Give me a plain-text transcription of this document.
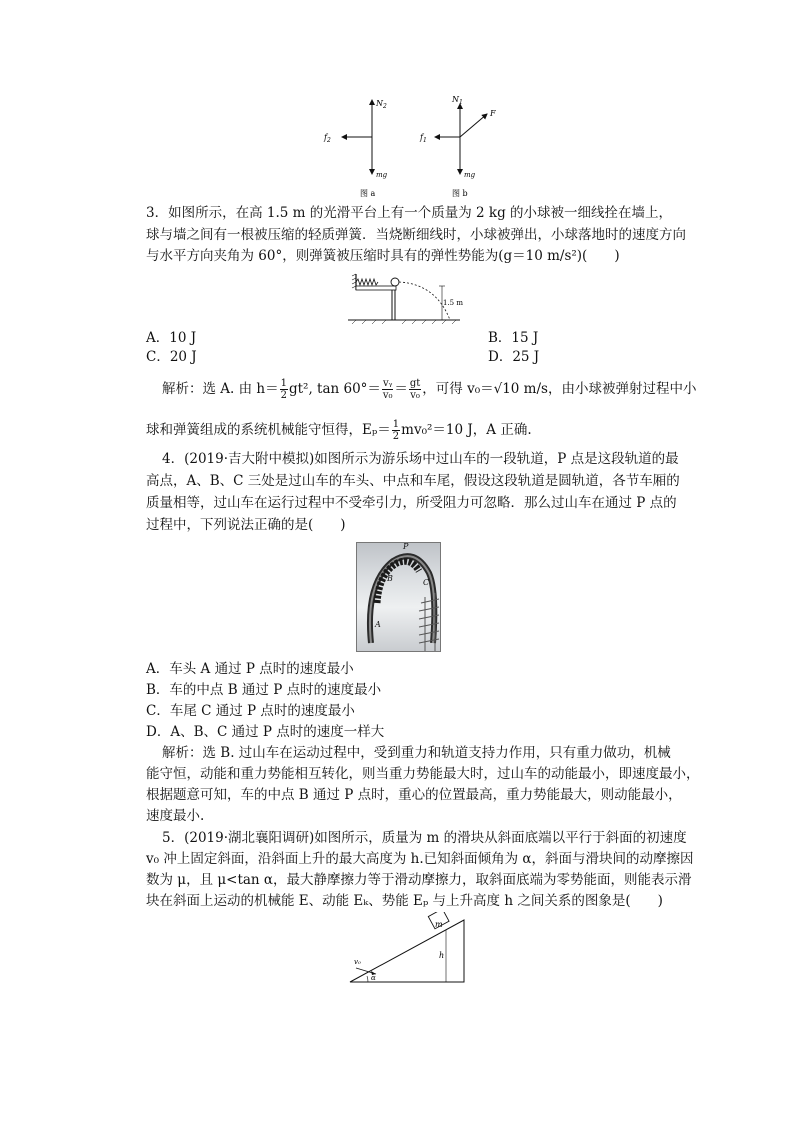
$N_2$
$f_2$
mg
图 a
$N_1$
$f_1$
F
mg
图 b
3．如图所示，在高 1.5 m 的光滑平台上有一个质量为 2 kg 的小球被一细线拴在墙上，
球与墙之间有一根被压缩的轻质弹簧．当烧断细线时，小球被弹出，小球落地时的速度方向
与水平方向夹角为 60°，则弹簧被压缩时具有的弹性势能为(g＝10 m/s²)(　　)
1.5 m
A．10 J	B．15 J
C．20 J	D．25 J
解析：选 A. 由 $h= \frac{1}{2} gt^2$, $\tan 60^\circ= \frac{\text{vᵧ}}{\text{v₀}} = \frac{gt}{\text{v₀}}$ ，可得 v₀＝√10 m/s，由小球被弹射过程中小
球和弹簧组成的系统机械能守恒得，$E_p= \frac{1}{2} mv_0^2=10$ J，A 正确.
4．(2019·吉大附中模拟)如图所示为游乐场中过山车的一段轨道，P 点是这段轨道的最
高点，A、B、C 三处是过山车的车头、中点和车尾，假设这段轨道是圆轨道，各节车厢的
质量相等，过山车在运行过程中不受牵引力，所受阻力可忽略．那么过山车在通过 P 点的
过程中，下列说法正确的是(　　)
P
B	C
A
A．车头 A 通过 P 点时的速度最小
B．车的中点 B 通过 P 点时的速度最小
C．车尾 C 通过 P 点时的速度最小
D．A、B、C 通过 P 点时的速度一样大
解析：选 B. 过山车在运动过程中，受到重力和轨道支持力作用，只有重力做功，机械
能守恒，动能和重力势能相互转化，则当重力势能最大时，过山车的动能最小，即速度最小，
根据题意可知，车的中点 B 通过 P 点时，重心的位置最高，重力势能最大，则动能最小，
速度最小.
5．(2019·湖北襄阳调研)如图所示，质量为 m 的滑块从斜面底端以平行于斜面的初速度
v₀ 冲上固定斜面，沿斜面上升的最大高度为 h.已知斜面倾角为 α，斜面与滑块间的动摩擦因
数为 μ，且 μ<tan α，最大静摩擦力等于滑动摩擦力，取斜面底端为零势能面，则能表示滑
块在斜面上运动的机械能 E、动能 Eₖ、势能 Eₚ 与上升高度 h 之间关系的图象是(　　)
m
h
v₀
α
